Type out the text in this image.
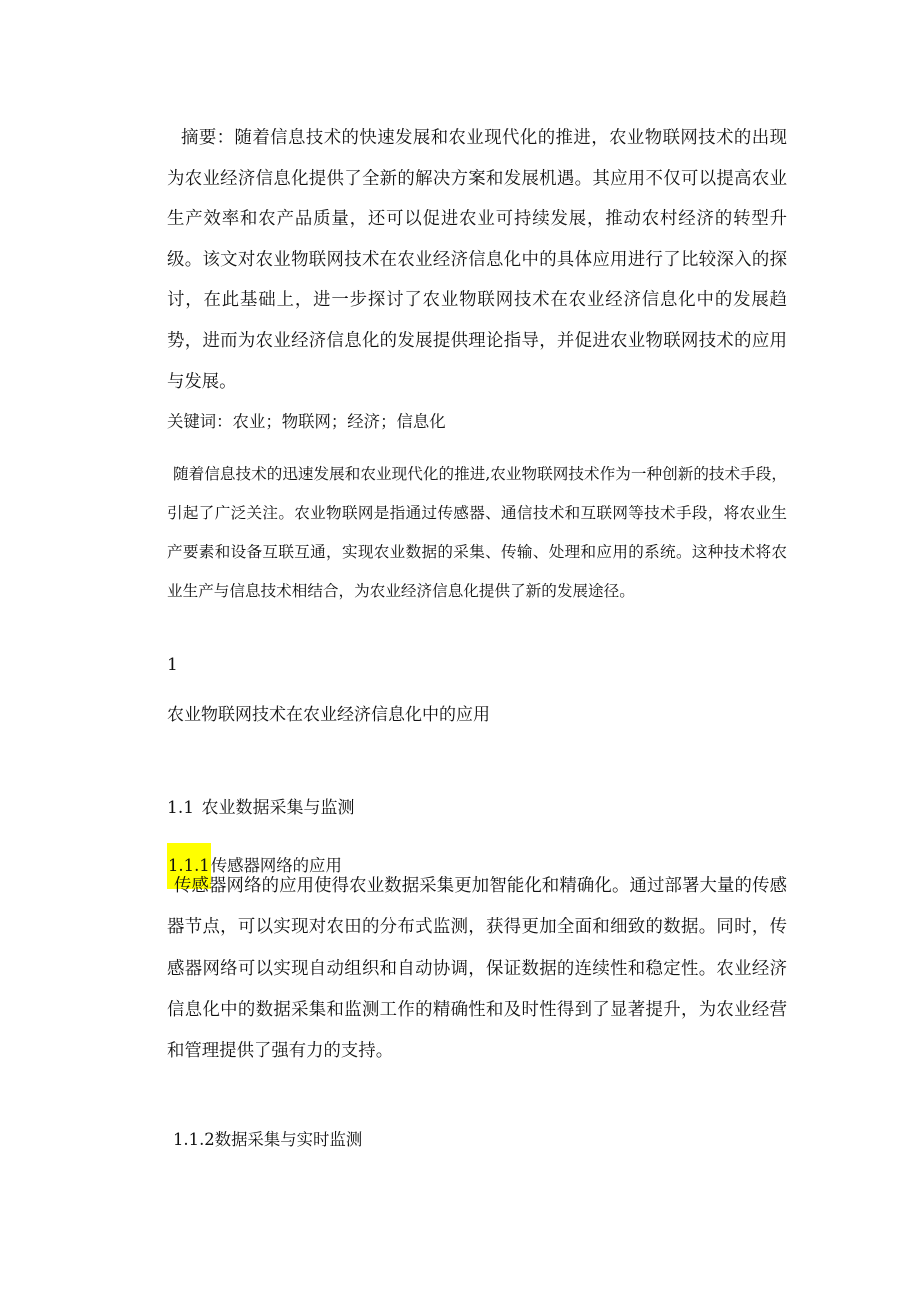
摘要：随着信息技术的快速发展和农业现代化的推进，农业物联网技术的出现为农业经济信息化提供了全新的解决方案和发展机遇。其应用不仅可以提高农业生产效率和农产品质量，还可以促进农业可持续发展，推动农村经济的转型升级。该文对农业物联网技术在农业经济信息化中的具体应用进行了比较深入的探讨，在此基础上，进一步探讨了农业物联网技术在农业经济信息化中的发展趋势，进而为农业经济信息化的发展提供理论指导，并促进农业物联网技术的应用与发展。

关键词：农业；物联网；经济；信息化

随着信息技术的迅速发展和农业现代化的推进,农业物联网技术作为一种创新的技术手段，引起了广泛关注。农业物联网是指通过传感器、通信技术和互联网等技术手段，将农业生产要素和设备互联互通，实现农业数据的采集、传输、处理和应用的系统。这种技术将农业生产与信息技术相结合，为农业经济信息化提供了新的发展途径。

1

农业物联网技术在农业经济信息化中的应用

1.1 农业数据采集与监测

1.1.1传感器网络的应用

传感器网络的应用使得农业数据采集更加智能化和精确化。通过部署大量的传感器节点，可以实现对农田的分布式监测，获得更加全面和细致的数据。同时，传感器网络可以实现自动组织和自动协调，保证数据的连续性和稳定性。农业经济信息化中的数据采集和监测工作的精确性和及时性得到了显著提升，为农业经营和管理提供了强有力的支持。

1.1.2数据采集与实时监测
